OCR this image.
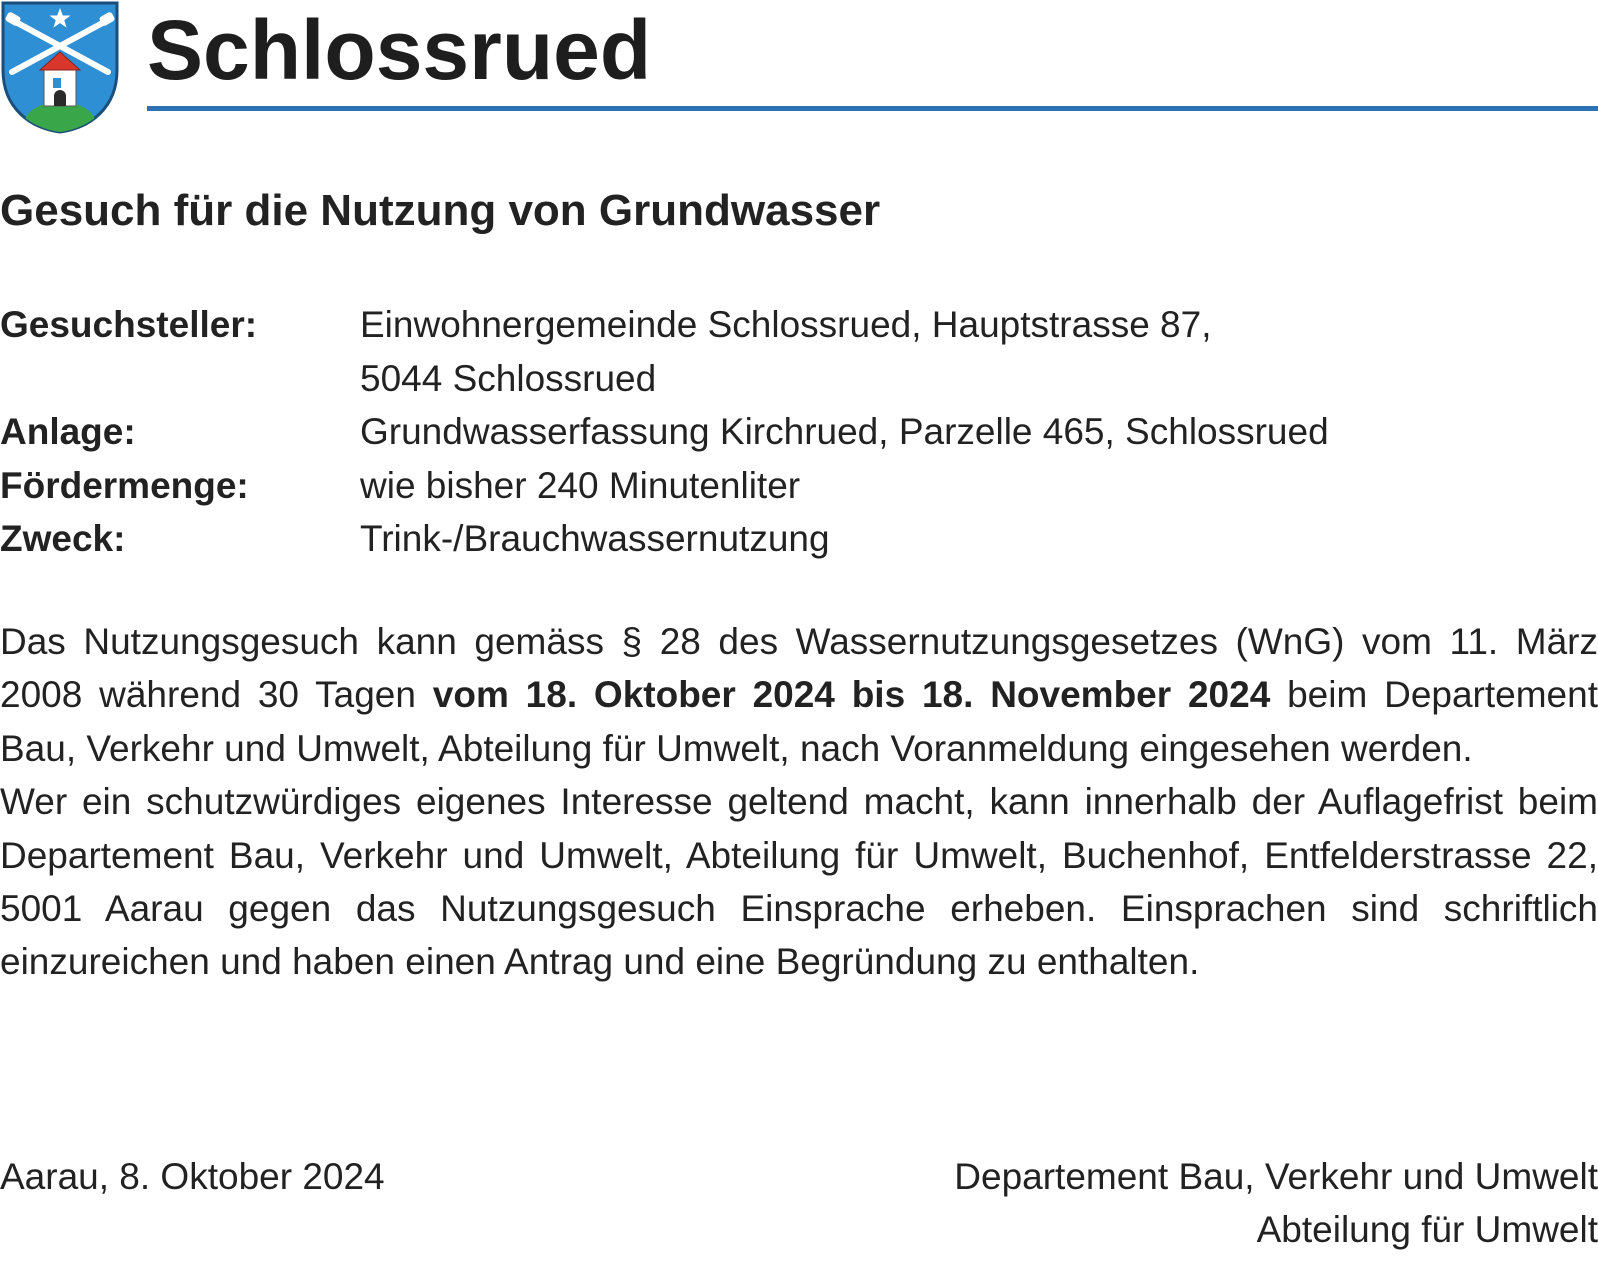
Schlossrued
Gesuch für die Nutzung von Grundwasser
Gesuchsteller:	Einwohnergemeinde Schlossrued, Hauptstrasse 87,
5044 Schlossrued
Anlage:	Grundwasserfassung Kirchrued, Parzelle 465, Schlossrued
Fördermenge:	wie bisher 240 Minutenliter
Zweck:	Trink-/Brauchwassernutzung

Das Nutzungsgesuch kann gemäss § 28 des Wassernutzungsgesetzes (WnG) vom 11. März 2008 während 30 Tagen vom 18. Oktober 2024 bis 18. November 2024 beim Departement Bau, Verkehr und Umwelt, Abteilung für Umwelt, nach Voranmeldung eingesehen werden.

Wer ein schutzwürdiges eigenes Interesse geltend macht, kann innerhalb der Auflagefrist beim Departement Bau, Verkehr und Umwelt, Abteilung für Umwelt, Buchenhof, Entfelderstrasse 22, 5001 Aarau gegen das Nutzungsgesuch Einsprache erheben. Einsprachen sind schriftlich einzureichen und haben einen Antrag und eine Begründung zu enthalten.

Aarau, 8. Oktober 2024	Departement Bau, Verkehr und Umwelt
Abteilung für Umwelt
